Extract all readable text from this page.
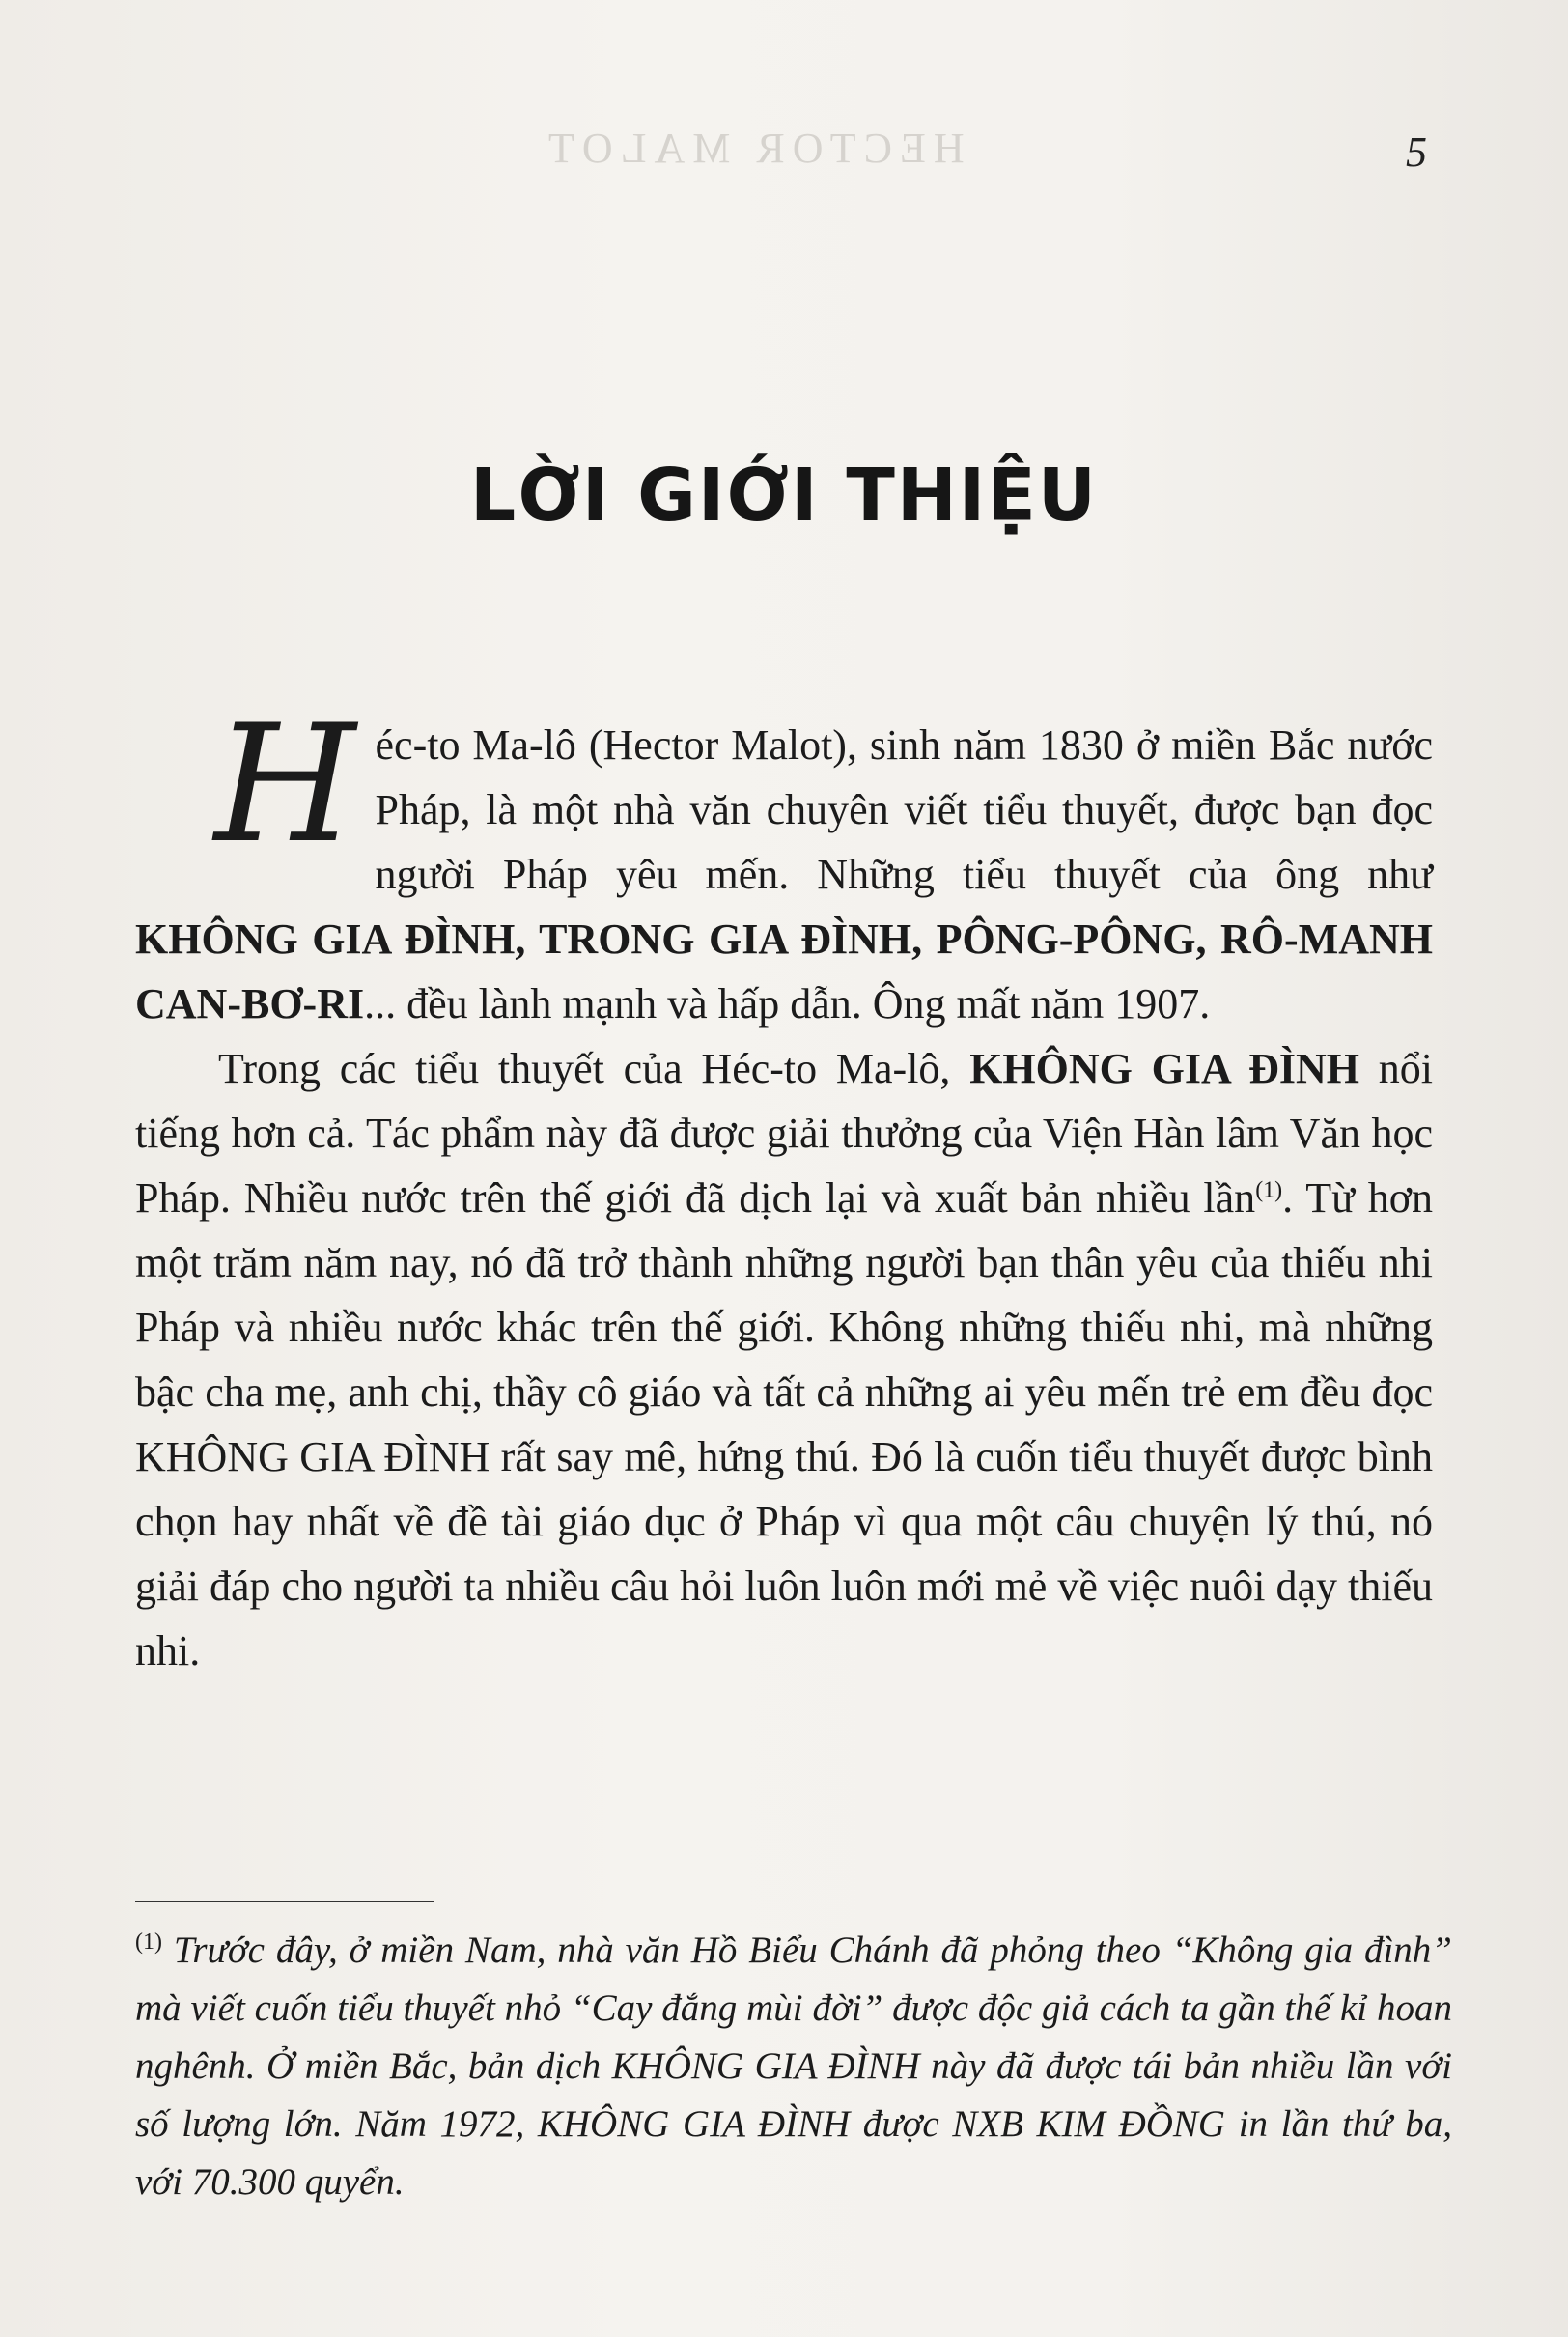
HECTOR MALOT	5
LỜI GIỚI THIỆU

Héc-to Ma-lô (Hector Malot), sinh năm 1830 ở miền Bắc nước Pháp, là một nhà văn chuyên viết tiểu thuyết, được bạn đọc người Pháp yêu mến. Những tiểu thuyết của ông như KHÔNG GIA ĐÌNH, TRONG GIA ĐÌNH, PÔNG-PÔNG, RÔ-MANH CAN-BƠ-RI... đều lành mạnh và hấp dẫn. Ông mất năm 1907.

Trong các tiểu thuyết của Héc-to Ma-lô, KHÔNG GIA ĐÌNH nổi tiếng hơn cả. Tác phẩm này đã được giải thưởng của Viện Hàn lâm Văn học Pháp. Nhiều nước trên thế giới đã dịch lại và xuất bản nhiều lần$^{(1)}$. Từ hơn một trăm năm nay, nó đã trở thành những người bạn thân yêu của thiếu nhi Pháp và nhiều nước khác trên thế giới. Không những thiếu nhi, mà những bậc cha mẹ, anh chị, thầy cô giáo và tất cả những ai yêu mến trẻ em đều đọc KHÔNG GIA ĐÌNH rất say mê, hứng thú. Đó là cuốn tiểu thuyết được bình chọn hay nhất về đề tài giáo dục ở Pháp vì qua một câu chuyện lý thú, nó giải đáp cho người ta nhiều câu hỏi luôn luôn mới mẻ về việc nuôi dạy thiếu nhi.

$^{(1)}$ Trước đây, ở miền Nam, nhà văn Hồ Biểu Chánh đã phỏng theo “Không gia đình” mà viết cuốn tiểu thuyết nhỏ “Cay đắng mùi đời” được độc giả cách ta gần thế kỉ hoan nghênh. Ở miền Bắc, bản dịch KHÔNG GIA ĐÌNH này đã được tái bản nhiều lần với số lượng lớn. Năm 1972, KHÔNG GIA ĐÌNH được NXB KIM ĐỒNG in lần thứ ba, với 70.300 quyển.
